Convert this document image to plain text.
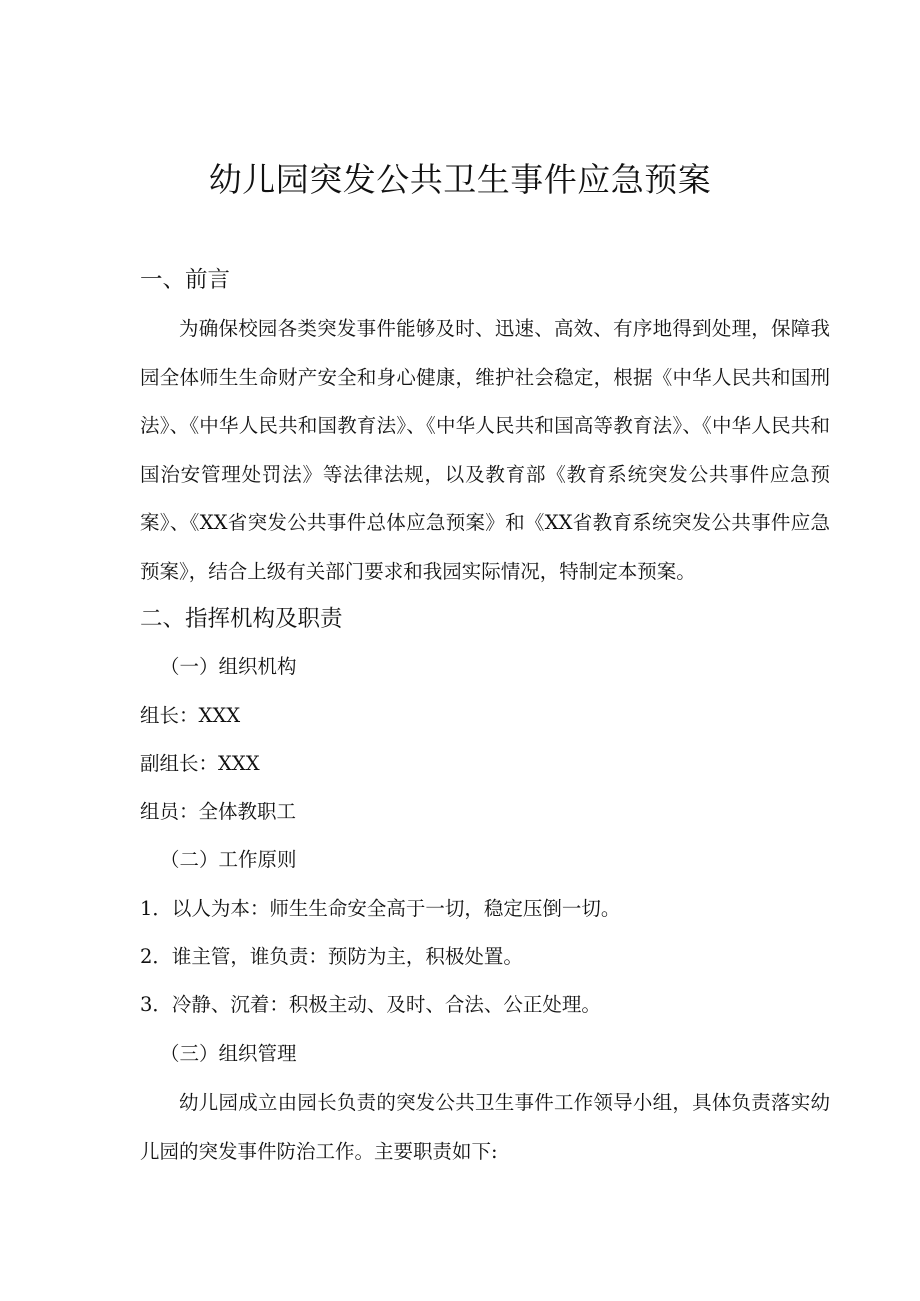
幼儿园突发公共卫生事件应急预案
一、前言
为确保校园各类突发事件能够及时、迅速、高效、有序地得到处理，保障我园全体师生生命财产安全和身心健康，维护社会稳定，根据《中华人民共和国刑法》、《中华人民共和国教育法》、《中华人民共和国高等教育法》、《中华人民共和国治安管理处罚法》等法律法规，以及教育部《教育系统突发公共事件应急预案》、《XX省突发公共事件总体应急预案》和《XX省教育系统突发公共事件应急预案》，结合上级有关部门要求和我园实际情况，特制定本预案。
二、指挥机构及职责
（一）组织机构
组长：XXX
副组长：XXX
组员：全体教职工
（二）工作原则
1．以人为本：师生生命安全高于一切，稳定压倒一切。
2．谁主管，谁负责：预防为主，积极处置。
3．冷静、沉着：积极主动、及时、合法、公正处理。
（三）组织管理
幼儿园成立由园长负责的突发公共卫生事件工作领导小组，具体负责落实幼儿园的突发事件防治工作。主要职责如下:
